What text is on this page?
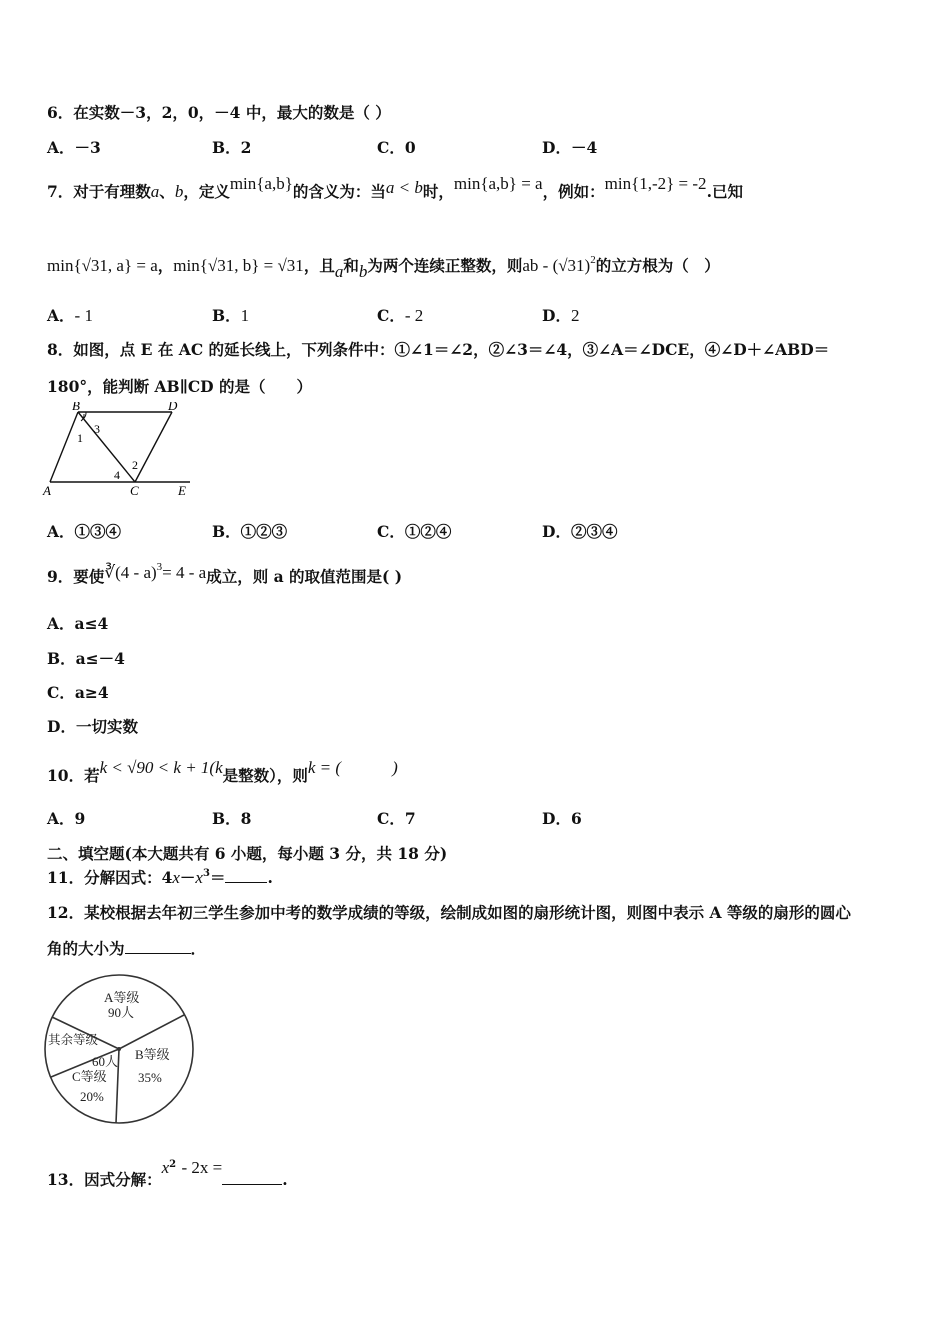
6．在实数－3，2，0，－4 中，最大的数是（ ）
A．－3	B．2	C．0	D．－4
7．对于有理数a、b，定义min{a,b}的含义为：当a < b时，min{a,b} = a，例如：min{1,-2} = -2.已知
min{√31, a} = a，min{√31, b} = √31，且a和b为两个连续正整数，则ab - $(√31)^2$的立方根为（　）
A．- 1	B．1	C．- 2	D．2
8．如图，点 E 在 AC 的延长线上，下列条件中：①∠1＝∠2，②∠3＝∠4，③∠A＝∠DCE，④∠D＋∠ABD＝
180°，能判断 AB∥CD 的是（　　）
B	D
A	C	E
1
3
2
4
A．①③④	B．①②③	C．①②④	D．②③④
9．要使∛(4 - a)$^3$= 4 - a成立，则 a 的取值范围是( )
A．a≤4
B．a≤－4
C．a≥4
D．一切实数
10．若k < √90 < k + 1(k是整数），则k = (　　　)
A．9	B．8	C．7	D．6
二、填空题(本大题共有 6 小题，每小题 3 分，共 18 分)
11．分解因式：$4x-x^3=$	.
12．某校根据去年初三学生参加中考的数学成绩的等级，绘制成如图的扇形统计图，则图中表示 A 等级的扇形的圆心
角的大小为	．
A等级
90人
B等级
35%
C等级
20%
其余等级
60人
13．因式分解：$x^2 - 2x$ =.
